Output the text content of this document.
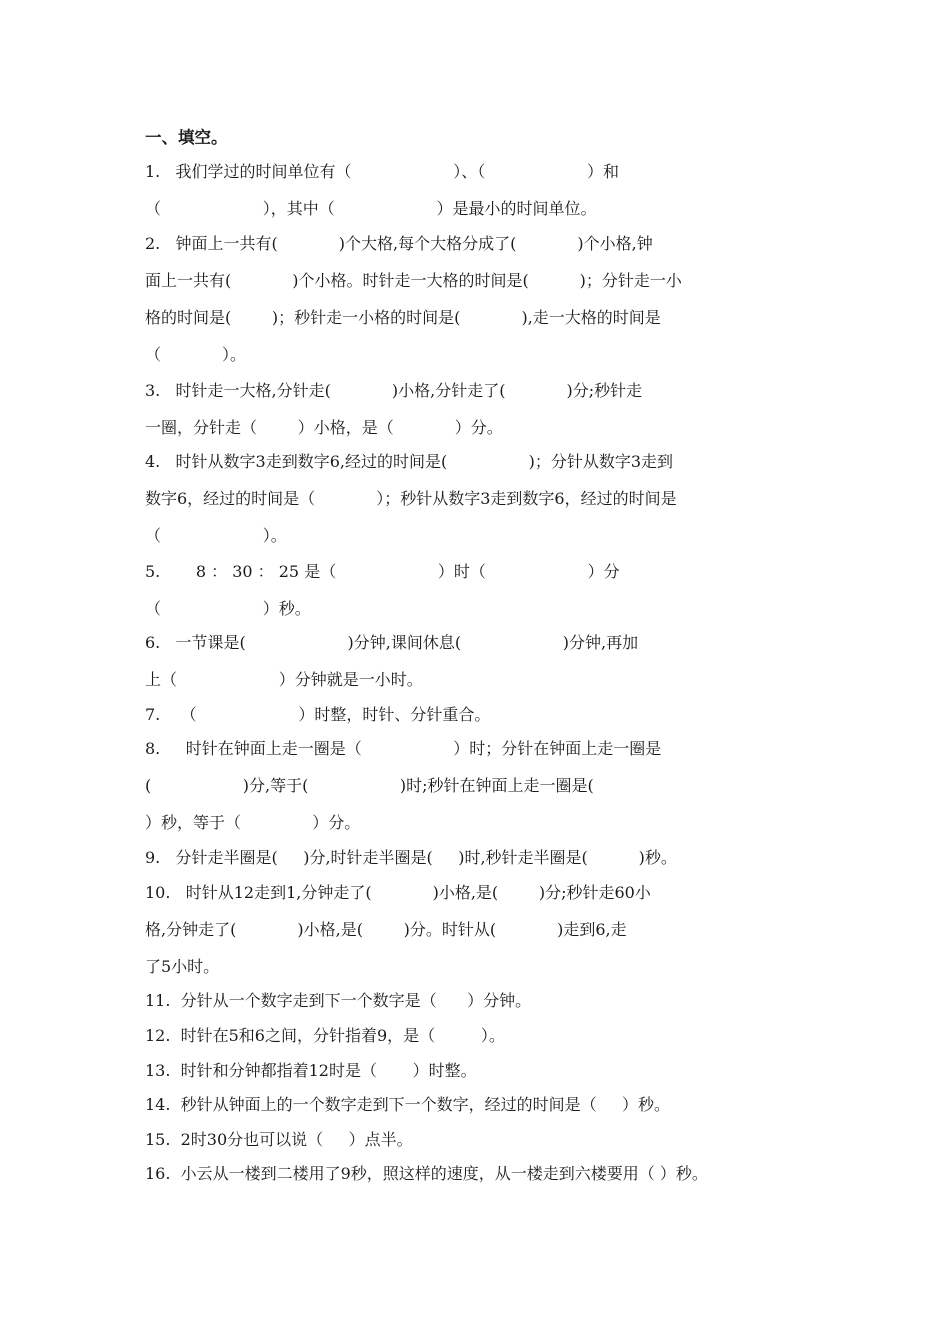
一、填空。
1.   我们学过的时间单位有（                    ）、（                    ）和
（                    ），其中（                    ）是最小的时间单位。
2.   钟面上一共有(            )个大格,每个大格分成了(            )个小格,钟
面上一共有(            )个小格。时针走一大格的时间是(          )；分针走一小
格的时间是(        )；秒针走一小格的时间是(            ),走一大格的时间是
（            ）。
3.   时针走一大格,分针走(            )小格,分针走了(            )分;秒针走
一圈，分针走（        ）小格，是（            ）分。
4.   时针从数字3走到数字6,经过的时间是(                )；分针从数字3走到
数字6，经过的时间是（            ）；秒针从数字3走到数字6，经过的时间是
（                    ）。
5.       8 ： 30 ： 25 是（                    ）时（                    ）分
（                    ）秒。
6.   一节课是(                    )分钟,课间休息(                    )分钟,再加
上（                    ）分钟就是一小时。
7.    （                    ）时整，时针、分针重合。
8.     时针在钟面上走一圈是（                  ）时；分针在钟面上走一圈是
(                  )分,等于(                  )时;秒针在钟面上走一圈是(
）秒，等于（              ）分。
9.   分针走半圈是(     )分,时针走半圈是(     )时,秒针走半圈是(          )秒。
10.   时针从12走到1,分钟走了(            )小格,是(        )分;秒针走60小
格,分钟走了(            )小格,是(        )分。时针从(            )走到6,走
了5小时。
11.  分针从一个数字走到下一个数字是（      ）分钟。
12.  时针在5和6之间，分针指着9，是（         ）。
13.  时针和分钟都指着12时是（       ）时整。
14.  秒针从钟面上的一个数字走到下一个数字，经过的时间是（     ）秒。
15.  2时30分也可以说（     ）点半。
16.  小云从一楼到二楼用了9秒，照这样的速度，从一楼走到六楼要用（ ）秒。
